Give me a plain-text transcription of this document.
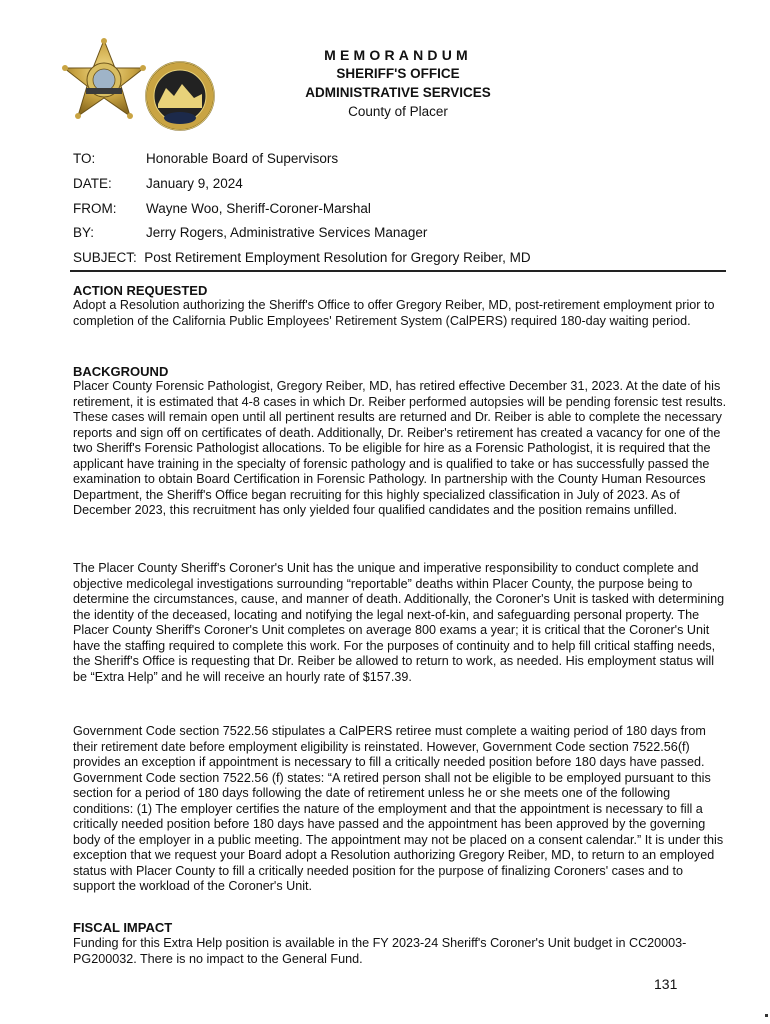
MEMORANDUM
SHERIFF'S OFFICE
ADMINISTRATIVE SERVICES
County of Placer
TO:	Honorable Board of Supervisors
DATE:	January 9, 2024
FROM: Wayne Woo, Sheriff-Coroner-Marshal
BY:	Jerry Rogers, Administrative Services Manager
SUBJECT: Post Retirement Employment Resolution for Gregory Reiber, MD
ACTION REQUESTED

Adopt a Resolution authorizing the Sheriff's Office to offer Gregory Reiber, MD, post-retirement employment prior to completion of the California Public Employees' Retirement System (CalPERS) required 180-day waiting period.

BACKGROUND

Placer County Forensic Pathologist, Gregory Reiber, MD, has retired effective December 31, 2023. At the date of his retirement, it is estimated that 4-8 cases in which Dr. Reiber performed autopsies will be pending forensic test results. These cases will remain open until all pertinent results are returned and Dr. Reiber is able to complete the necessary reports and sign off on certificates of death. Additionally, Dr. Reiber's retirement has created a vacancy for one of the two Sheriff's Forensic Pathologist allocations. To be eligible for hire as a Forensic Pathologist, it is required that the applicant have training in the specialty of forensic pathology and is qualified to take or has successfully passed the examination to obtain Board Certification in Forensic Pathology. In partnership with the County Human Resources Department, the Sheriff's Office began recruiting for this highly specialized classification in July of 2023. As of December 2023, this recruitment has only yielded four qualified candidates and the position remains unfilled.

The Placer County Sheriff's Coroner's Unit has the unique and imperative responsibility to conduct complete and objective medicolegal investigations surrounding “reportable” deaths within Placer County, the purpose being to determine the circumstances, cause, and manner of death. Additionally, the Coroner's Unit is tasked with determining the identity of the deceased, locating and notifying the legal next-of-kin, and safeguarding personal property. The Placer County Sheriff's Coroner's Unit completes on average 800 exams a year; it is critical that the Coroner's Unit have the staffing required to complete this work. For the purposes of continuity and to help fill critical staffing needs, the Sheriff's Office is requesting that Dr. Reiber be allowed to return to work, as needed. His employment status will be “Extra Help” and he will receive an hourly rate of $157.39.

Government Code section 7522.56 stipulates a CalPERS retiree must complete a waiting period of 180 days from their retirement date before employment eligibility is reinstated. However, Government Code section 7522.56(f) provides an exception if appointment is necessary to fill a critically needed position before 180 days have passed. Government Code section 7522.56 (f) states: “A retired person shall not be eligible to be employed pursuant to this section for a period of 180 days following the date of retirement unless he or she meets one of the following conditions: (1) The employer certifies the nature of the employment and that the appointment is necessary to fill a critically needed position before 180 days have passed and the appointment has been approved by the governing body of the employer in a public meeting. The appointment may not be placed on a consent calendar.” It is under this exception that we request your Board adopt a Resolution authorizing Gregory Reiber, MD, to return to an employed status with Placer County to fill a critically needed position for the purpose of finalizing Coroners' cases and to support the workload of the Coroner's Unit.

FISCAL IMPACT

Funding for this Extra Help position is available in the FY 2023-24 Sheriff's Coroner's Unit budget in CC20003-PG200032. There is no impact to the General Fund.

131
